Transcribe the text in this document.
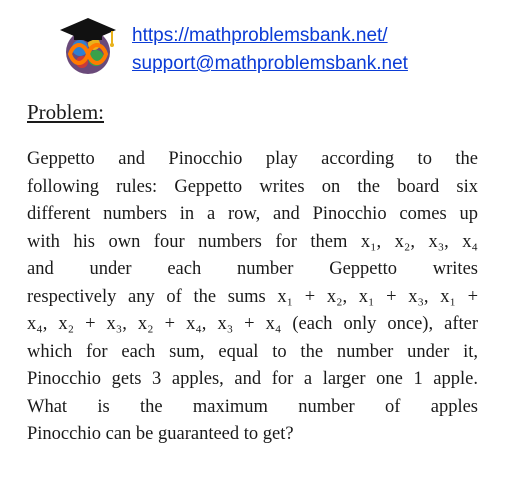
https://mathproblemsbank.net/
support@mathproblemsbank.net
Problem:
Geppetto and Pinocchio play according to the
following rules: Geppetto writes on the board six
different numbers in a row, and Pinocchio comes up
with his own four numbers for them x₁, x₂, x₃, x₄
and under each number Geppetto writes
respectively any of the sums x₁ + x₂, x₁ + x₃, x₁ +
x₄, x₂ + x₃, x₂ + x₄, x₃ + x₄ (each only once), after
which for each sum, equal to the number under it,
Pinocchio gets 3 apples, and for a larger one 1 apple.
What is the maximum number of apples
Pinocchio can be guaranteed to get?
